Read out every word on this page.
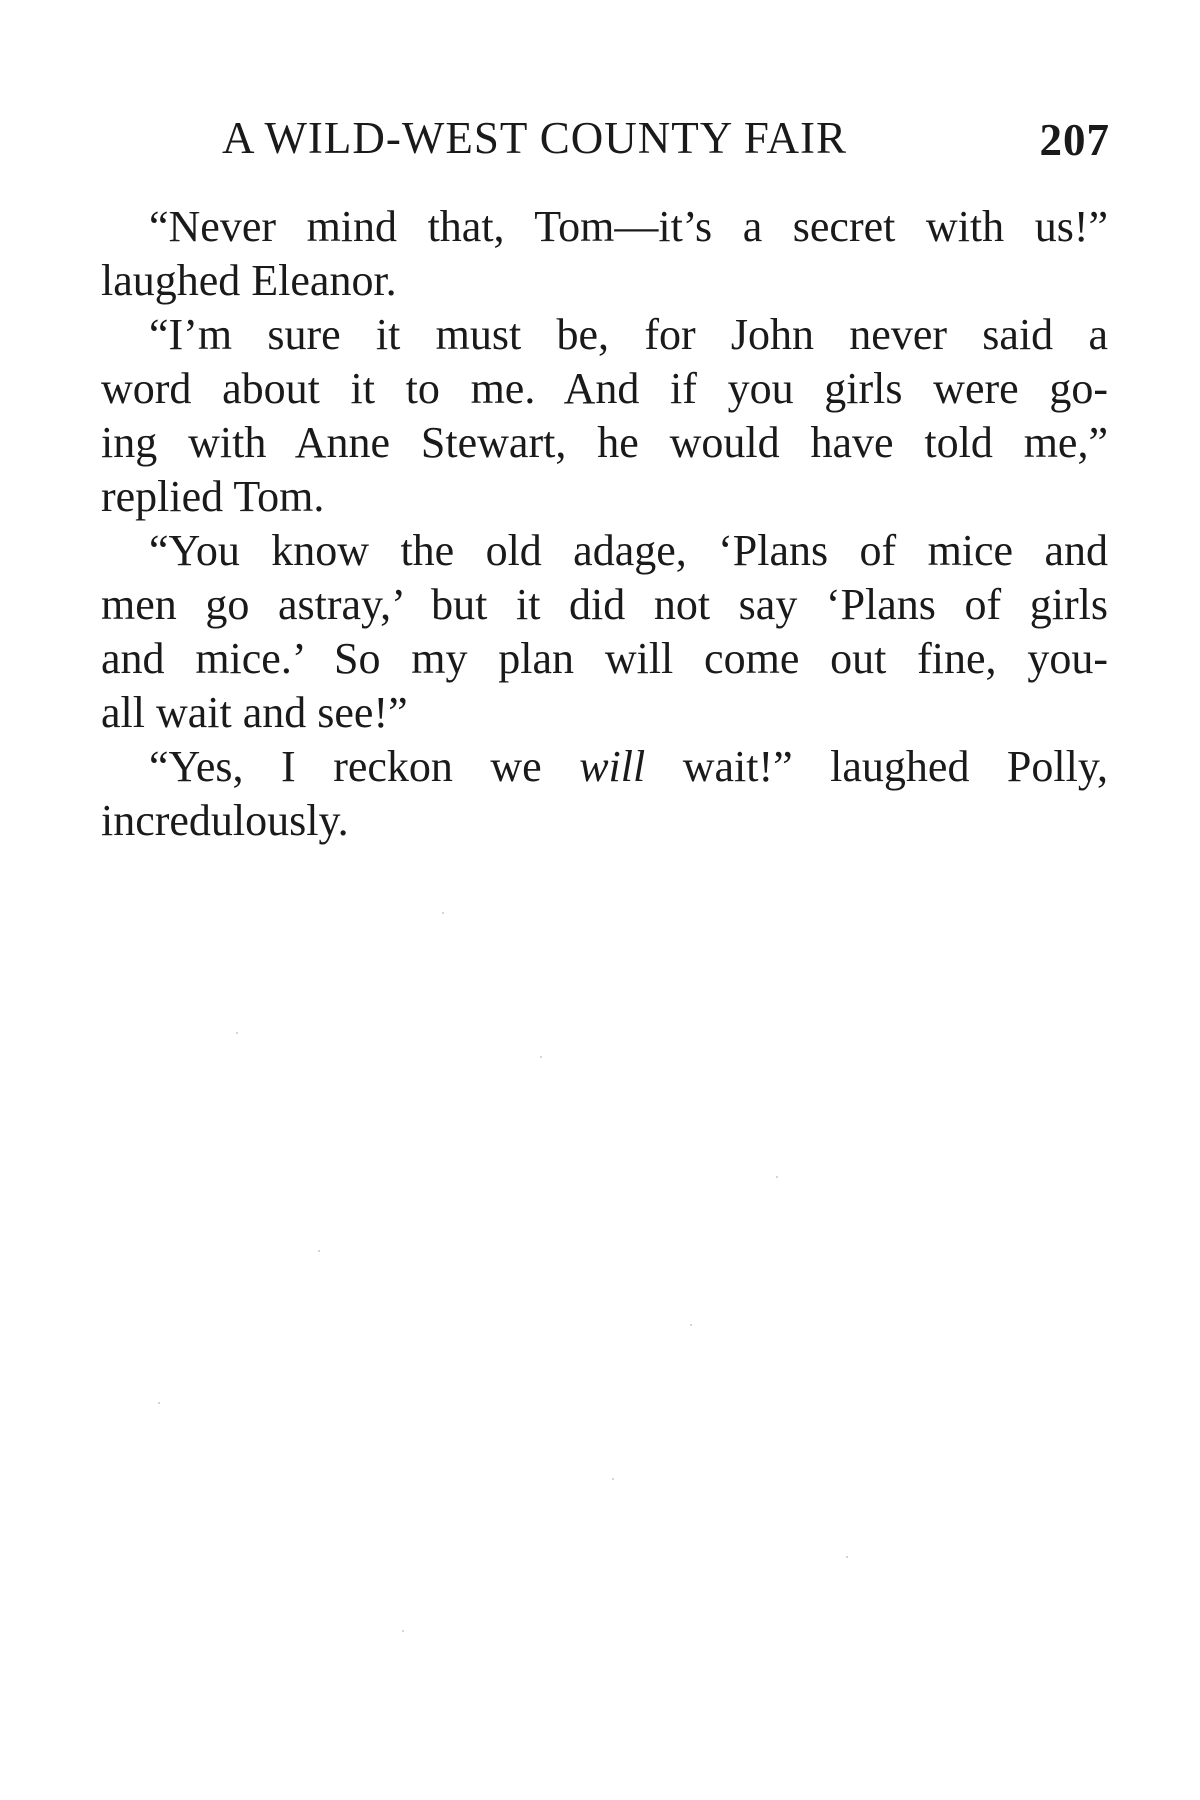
A WILD-WEST COUNTY FAIR	207
“Never mind that, Tom—it’s a secret with us!”
laughed Eleanor.
“I’m sure it must be, for John never said a
word about it to me. And if you girls were go-
ing with Anne Stewart, he would have told me,”
replied Tom.
“You know the old adage, ‘Plans of mice and
men go astray,’ but it did not say ‘Plans of girls
and mice.’ So my plan will come out fine, you-
all wait and see!”
“Yes, I reckon we will wait!” laughed Polly,
incredulously.
